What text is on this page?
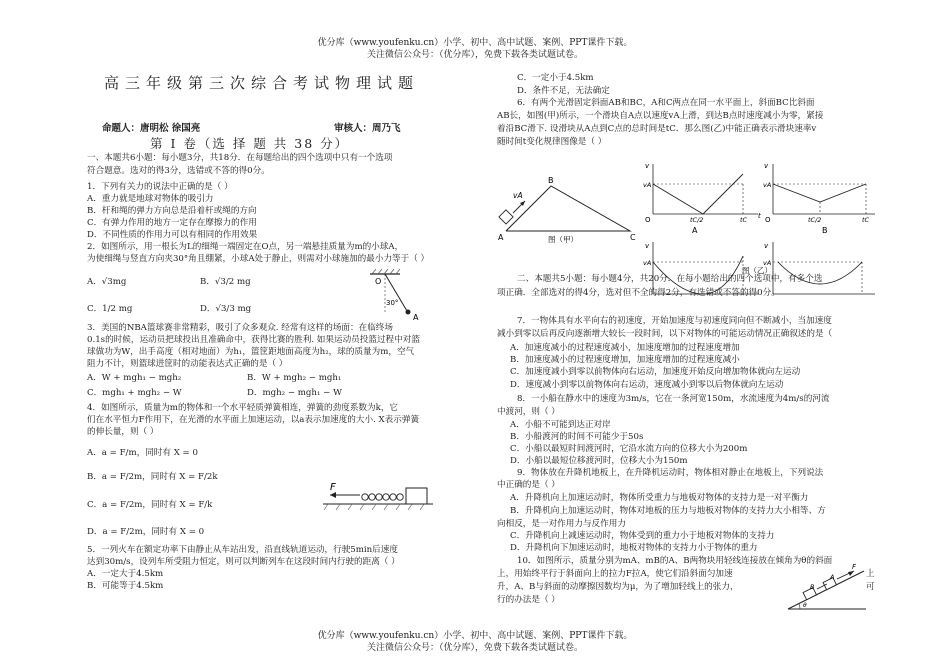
优分库（www.youfenku.cn）小学、初中、高中试题、案例、PPT课件下载。
关注微信公众号：（优分库），免费下载各类试题试卷。
优分库（www.youfenku.cn）小学、初中、高中试题、案例、PPT课件下载。
关注微信公众号：（优分库），免费下载各类试题试卷。
高三年级第三次综合考试物理试题
命题人：唐明松 徐国亮	审核人：周乃飞
第 Ⅰ 卷（选 择 题 共 38 分）
一、本题共6小题：每小题3分，共18分．在每题给出的四个选项中只有一个选项
符合题意。选对的得3分，选错或不答的得0分。
1．下列有关力的说法中正确的是（ ）
A．重力就是地球对物体的吸引力
B．杆和绳的弹力方向总是沿着杆或绳的方向
C．有弹力作用的地方一定存在摩擦力的作用
D．不同性质的作用力可以有相同的作用效果
2．如图所示，用一根长为L的细绳一端固定在O点，另一端悬挂质量为m的小球A，
为使细绳与竖直方向夹30°角且绷紧，小球A处于静止，则需对小球施加的最小力等于（ ）
A．√3mg	B．√3/2 mg
C．1/2 mg	D．√3/3 mg
O
30°
A
3．美国的NBA篮球赛非常精彩，吸引了众多观众. 经常有这样的场面：在临终场
0.1s的时候，运动员把球投出且准确命中，获得比赛的胜利. 如果运动员投篮过程中对篮
球做功为W，出手高度（相对地面）为h₁，篮筐距地面高度为h₂，球的质量为m，空气
阻力不计，则篮球进筐时的动能表达式正确的是（ ）
A．W + mgh₁ − mgh₂	B．W + mgh₂ − mgh₁
C．mgh₁ + mgh₂ − W	D．mgh₂ − mgh₁ − W
4．如图所示，质量为m的物体和一个水平轻质弹簧相连，弹簧的劲度系数为k，它
们在水平恒力F作用下，在光滑的水平面上加速运动，以a表示加速度的大小. X表示弹簧
的伸长量，则（ ）
A．a = F/m，同时有 X = 0
B．a = F/2m，同时有 X = F/2k
C．a = F/2m，同时有 X = F/k
D．a = F/2m，同时有 X = 0
F
5．一列火车在额定功率下由静止从车站出发，沿直线轨道运动，行驶5min后速度
达到30m/s，设列车所受阻力恒定，则可以判断列车在这段时间内行驶的距离（ ）
A．一定大于4.5km
B．可能等于4.5km
C．一定小于4.5km
D．条件不足，无法确定
6．有两个光滑固定斜面AB和BC，A和C两点在同一水平面上，斜面BC比斜面
AB长，如图(甲)所示，一个滑块自A点以速度vA上滑，到达B点时速度减小为零，紧接
着沿BC滑下. 设滑块从A点到C点的总时间是tC．那么图(乙)中能正确表示滑块速率v
随时间t变化规律图像是（ ）
vA
A
B
C
图（甲）
v
vA
O	tC/2	tC t
A
v
vA
O	tC/2	tC
B
v
vA
v
vA
图（乙）
二、本题共5小题：每小题4分，共20分．在每小题给出的四个选项中，有多个选
项正确．全部选对的得4分，选对但不全的得2分，有选错或不答的得0分。
7．一物体具有水平向右的初速度，开始加速度与初速度同向但不断减小，当加速度
减小到零以后再反向逐渐增大较长一段时间，以下对物体的可能运动情况正确叙述的是（
A．加速度减小的过程速度减小，加速度增加的过程速度增加
B．加速度减小的过程速度增加，加速度增加的过程速度减小
C．加速度减小到零以前物体向右运动，加速度开始反向增加物体就向左运动
D．速度减小到零以前物体向右运动，速度减小到零以后物体就向左运动
8．一小船在静水中的速度为3m/s，它在一条河宽150m，水流速度为4m/s的河流
中渡河，则（ ）
A．小船不可能到达正对岸
B．小船渡河的时间不可能少于50s
C．小船以最短时间渡河时，它沿水流方向的位移大小为200m
D．小船以最短位移渡河时，位移大小为150m
9．物体放在升降机地板上，在升降机运动时，物体相对静止在地板上，下列说法
中正确的是（ ）
A．升降机向上加速运动时，物体所受重力与地板对物体的支持力是一对平衡力
B．升降机向上加速运动时，物体对地板的压力与地板对物体的支持力大小相等、方
向相反，是一对作用力与反作用力
C．升降机向上减速运动时，物体受到的重力小于地板对物体的支持力
D．升降机向下加速运动时，地板对物体的支持力小于物体的重力
10．如图所示，质量分别为mA、mB的A、B两物块用轻线连接放在倾角为θ的斜面
上，用始终平行于斜面向上的拉力F拉A，使它们沿斜面匀加速	上
升，A、B与斜面的动摩擦因数均为μ，为了增加轻线上的张力，	可
行的办法是（ ）
B
A
F
θ
